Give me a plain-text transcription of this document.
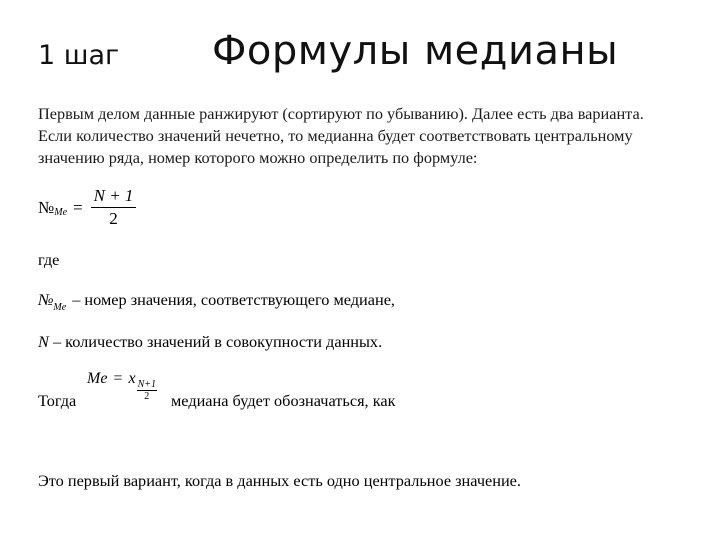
1 шаг Формулы медианы
Первым делом данные ранжируют (сортируют по убыванию). Далее есть два варианта.
Если количество значений нечетно, то медианна будет соответствовать центральному
значению ряда, номер которого можно определить по формуле:
№ $Me = \frac{N + 1}{2}$
где
$№_{Me}$ – номер значения, соответствующего медиане,
N – количество значений в совокупности данных.
Тогда
Me = x
$\frac{N+1}{2}$ медиана будет обозначаться, как
Это первый вариант, когда в данных есть одно центральное значение.
